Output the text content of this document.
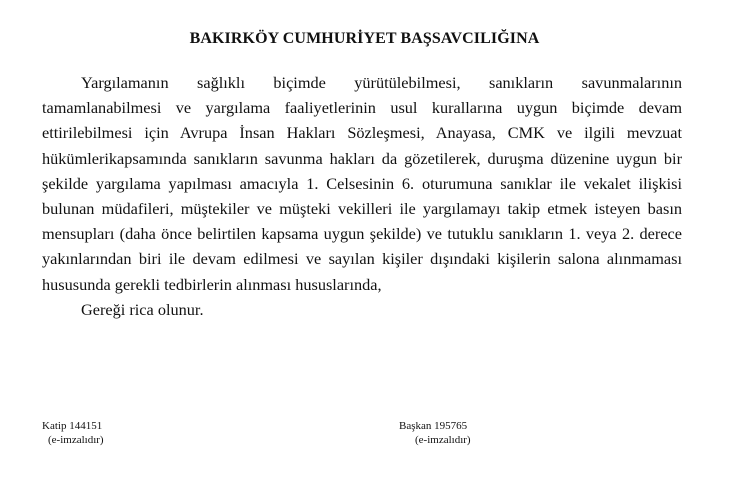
BAKIRKÖY CUMHURİYET BAŞSAVCILIĞINA

Yargılamanın sağlıklı biçimde yürütülebilmesi, sanıkların savunmalarının tamamlanabilmesi ve yargılama faaliyetlerinin usul kurallarına uygun biçimde devam ettirilebilmesi için Avrupa İnsan Hakları Sözleşmesi, Anayasa, CMK ve ilgili mevzuat hükümlerikapsamında sanıkların savunma hakları da gözetilerek, duruşma düzenine uygun bir şekilde yargılama yapılması amacıyla 1. Celsesinin 6. oturumuna sanıklar ile vekalet ilişkisi bulunan müdafileri, müştekiler ve müşteki vekilleri ile yargılamayı takip etmek isteyen basın mensupları (daha önce belirtilen kapsama uygun şekilde) ve tutuklu sanıkların 1. veya 2. derece yakınlarından biri ile devam edilmesi ve sayılan kişiler dışındaki kişilerin salona alınmaması hususunda gerekli tedbirlerin alınması hususlarında,

Gereği rica olunur.

Katip 144151
(e-imzalıdır)
Başkan 195765
(e-imzalıdır)
